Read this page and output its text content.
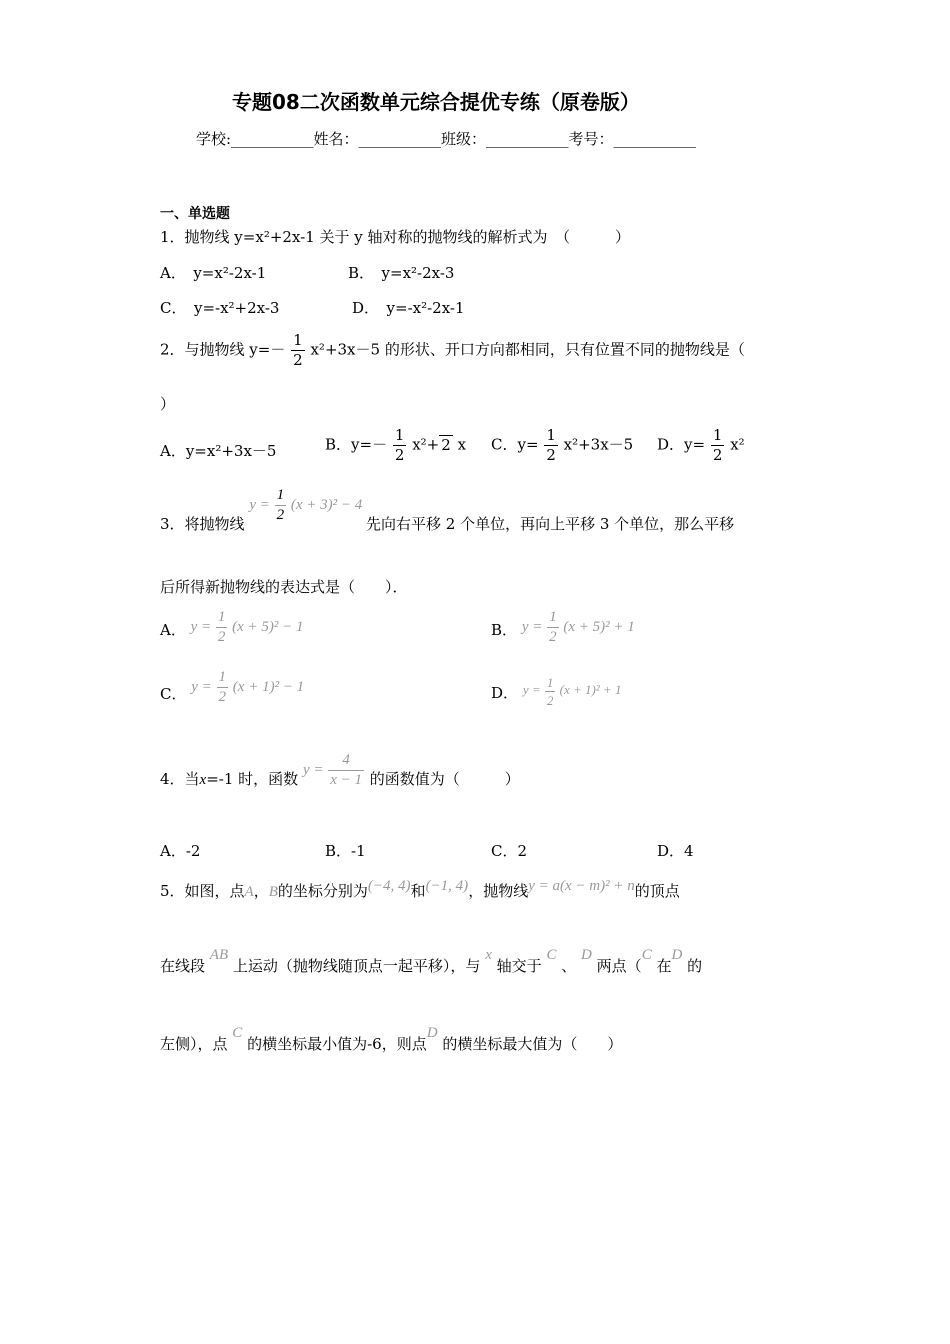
专题08二次函数单元综合提优专练（原卷版）
学校:___________姓名：___________班级：___________考号：___________
一、单选题
1．抛物线 y=x²+2x-1 关于 y 轴对称的抛物线的解析式为　（　　　）
A．　y=x²-2x-1	B．　y=x²-2x-3
C．　y=-x²+2x-3	D．　y=-x²-2x-1
2．与抛物线 $y=- \frac{1}{2} x^2+3x-5$ 的形状、开口方向都相同，只有位置不同的抛物线是（
）
A．y=x²+3x－5	B．$y=- \frac{1}{2} x^2+ 2$ x C．$y= \frac{1}{2} x^2+3x-5$ D．$y= \frac{1}{2} x^2$
3．将抛物线 $y = \frac{1}{2} (x + 3)^2 - 4$ 先向右平移 2 个单位，再向上平移 3 个单位，那么平移
后所得新抛物线的表达式是（　　）．
A． $y = \frac{1}{2} (x + 5)^2 - 1$	B． $y = \frac{1}{2} (x + 5)^2 + 1$
C． $y = \frac{1}{2} (x + 1)^2 - 1$	D． $y = \frac{1}{2} (x + 1)^2 + 1$
4．当x=-1 时，函数 $y = \frac{4}{x - 1}$ 的函数值为（　　　）
A．-2	B．-1	C．2	D．4
5．如图，点A，B的坐标分别为(−4, 4)和(−1, 4)，抛物线y = a(x − m)² + n的顶点
在线段 AB 上运动（抛物线随顶点一起平移），与 x 轴交于 C 、 D 两点（C 在D 的
左侧），点 C 的横坐标最小值为-6，则点D 的横坐标最大值为（　　）
